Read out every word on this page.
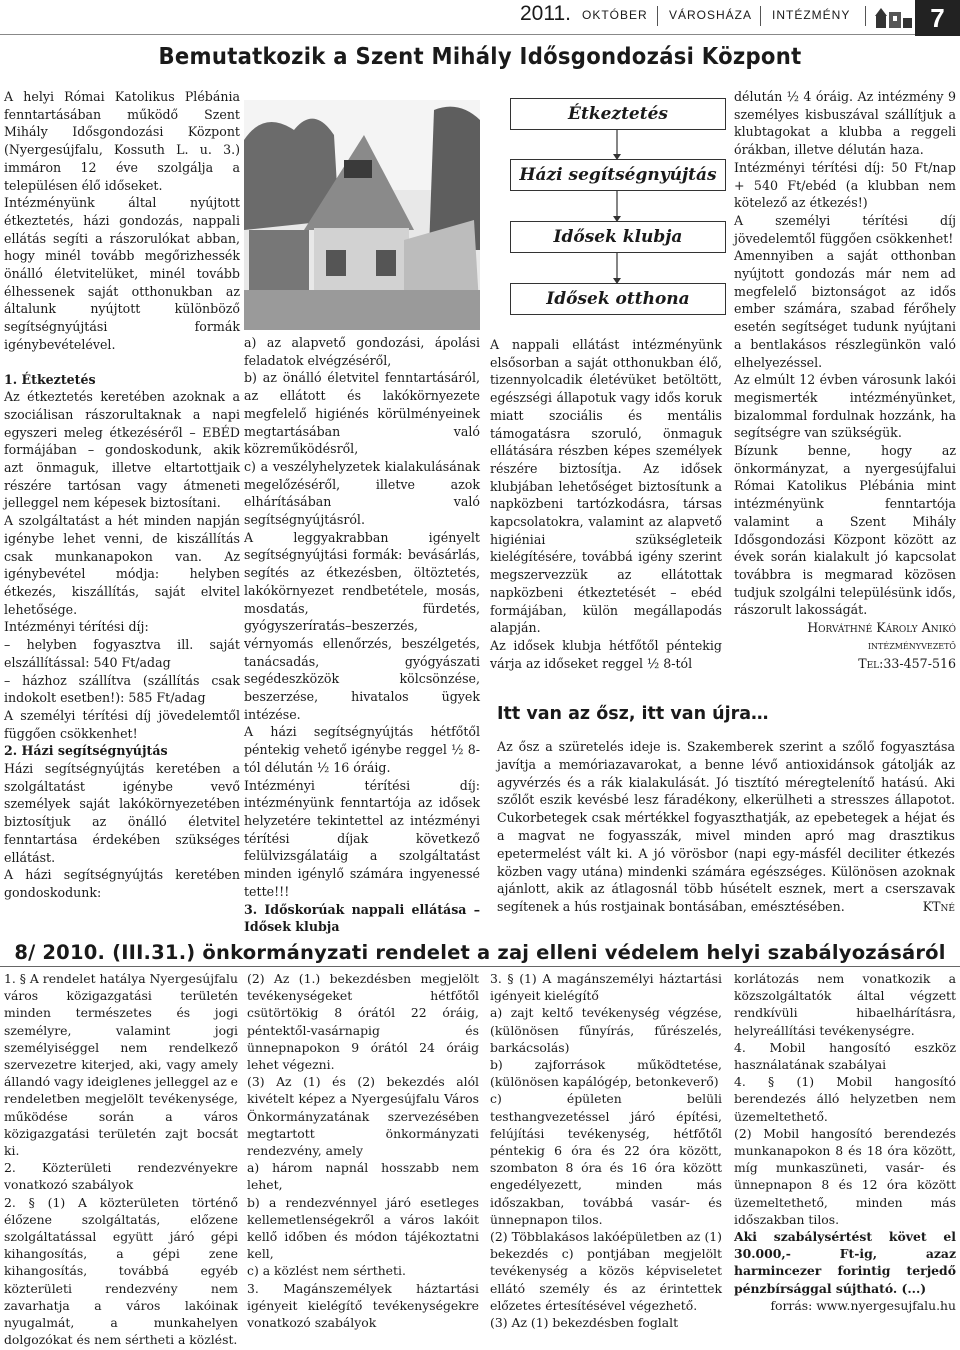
2011. OKTÓBER VÁROSHÁZA INTÉZMÉNY	7
Bemutatkozik a Szent Mihály Idősgondozási Központ

A helyi Római Katolikus Plébánia fenntartásában működő Szent Mihály Idősgondozási Központ (Nyergesújfalu, Kossuth L. u. 3.) immáron 12 éve szolgálja a településen élő időseket.

Intézményünk által nyújtott étkeztetés, házi gondozás, nappali ellátás segíti a rászorulókat abban, hogy minél tovább megőrizhessék önálló életvitelüket, minél tovább élhessenek saját otthonukban az általunk nyújtott különböző segítségnyújtási formák igénybevételével.

1. Étkeztetés

Az étkeztetés keretében azoknak a szociálisan rászorultaknak a napi egyszeri meleg étkezéséről – EBÉD formájában – gondoskodunk, akik azt önmaguk, illetve eltartottjaik részére tartósan vagy átmeneti jelleggel nem képesek biztosítani.

A szolgáltatást a hét minden napján igénybe lehet venni, de kiszállítás csak munkanapokon van. Az igénybevétel módja: helyben étkezés, kiszállítás, saját elvitel lehetősége.

Intézményi térítési díj:

– helyben fogyasztva ill. saját elszállítással: 540 Ft/adag

– házhoz szállítva (szállítás csak indokolt esetben!): 585 Ft/adag

A személyi térítési díj jövedelemtől függően csökkenhet!

2. Házi segítségnyújtás

Házi segítségnyújtás keretében a szolgáltatást igénybe vevő személyek saját lakókörnyezetében biztosítjuk az önálló életvitel fenntartása érdekében szükséges ellátást.

A házi segítségnyújtás keretében gondoskodunk:

Étkeztetés
Házi segítségnyújtás
Idősek klubja
Idősek otthona

a) az alapvető gondozási, ápolási feladatok elvégzéséről,

b) az önálló életvitel fenntartásáról, az ellátott és lakókörnyezete megfelelő higiénés körülményeinek megtartásában való közreműködésről,

c) a veszélyhelyzetek kialakulásának megelőzéséről, illetve azok elhárításában való segítségnyújtásról.

A leggyakrabban igényelt segítségnyújtási formák: bevásárlás, segítés az étkezésben, öltöztetés, lakókörnyezet rendbetétele, mosás, mosdatás, fürdetés, gyógyszeríratás–beszerzés, vérnyomás ellenőrzés, beszélgetés, tanácsadás, gyógyászati segédeszközök kölcsönzése, beszerzése, hivatalos ügyek intézése.

A házi segítségnyújtás hétfőtől péntekig vehető igénybe reggel ½ 8-tól délután ½ 16 óráig.

Intézményi térítési díj: intézményünk fenntartója az idősek helyzetére tekintettel az intézményi térítési díjak következő felülvizsgálatáig a szolgáltatást minden igénylő számára ingyenessé tette!!!

3. Időskorúak nappali ellátása – Idősek klubja

A nappali ellátást intézményünk elsősorban a saját otthonukban élő, tizennyolcadik életévüket betöltött, egészségi állapotuk vagy idős koruk miatt szociális és mentális támogatásra szoruló, önmaguk ellátására részben képes személyek részére biztosítja. Az idősek klubjában lehetőséget biztosítunk a napközbeni tartózkodásra, társas kapcsolatokra, valamint az alapvető higiéniai szükségleteik kielégítésére, továbbá igény szerint megszervezzük az ellátottak napközbeni étkeztetését – ebéd formájában, külön megállapodás alapján.

Az idősek klubja hétfőtől péntekig várja az időseket reggel ½ 8-tól

délután ½ 4 óráig. Az intézmény 9 személyes kisbuszával szállítjuk a klubtagokat a klubba a reggeli órákban, illetve délután haza.

Intézményi térítési díj: 50 Ft/nap + 540 Ft/ebéd (a klubban nem kötelező az étkezés!)

A személyi térítési díj jövedelemtől függően csökkenhet!

Amennyiben a saját otthonban nyújtott gondozás már nem ad megfelelő biztonságot az idős ember számára, szabad férőhely esetén segítséget tudunk nyújtani a bentlakásos részlegünkön való elhelyezéssel.

Az elmúlt 12 évben városunk lakói megismerték intézményünket, bizalommal fordulnak hozzánk, ha segítségre van szükségük.

Bízunk benne, hogy az önkormányzat, a nyergesújfalui Római Katolikus Plébánia mint intézményünk fenntartója valamint a Szent Mihály Idősgondozási Központ között az évek során kialakult jó kapcsolat továbbra is megmarad közösen tudjuk szolgálni településünk idős, rászorult lakosságát.

Horváthné Károly Anikó

intézményvezető

Tel:33-457-516

Itt van az ősz, itt van újra…
Az ősz a szüretelés ideje is. Szakemberek szerint a szőlő fogyasztása javítja a memóriazavarokat, a benne lévő antioxidánsok gátolják az agyvérzés és a rák kialakulását. Jó tisztító méregtelenítő hatású. Aki szőlőt eszik kevésbé lesz fáradékony, elkerülheti a stresszes állapotot. Cukorbetegek csak mértékkel fogyaszthatják, az epebetegek a héjat és a magvat ne fogyasszák, mivel minden apró mag drasztikus epetermelést vált ki. A jó vörösbor (napi egy-másfél deciliter étkezés közben vagy utána) mindenki számára egészséges. Különösen azoknak ajánlott, akik az átlagosnál több húsételt esznek, mert a cserszavak segítenek a hús rostjainak bontásában, emésztésében.	KTné
8/ 2010. (III.31.) önkormányzati rendelet a zaj elleni védelem helyi szabályozásáról

1. § A rendelet hatálya Nyergesújfalu város közigazgatási területén minden természetes és jogi személyre, valamint jogi személyiséggel nem rendelkező szervezetre kiterjed, aki, vagy amely állandó vagy ideiglenes jelleggel az e rendeletben megjelölt tevékenysége, működése során a város közigazgatási területén zajt bocsát ki.

2. Közterületi rendezvényekre vonatkozó szabályok

2. § (1) A közterületen történő élőzene szolgáltatás, előzene szolgáltatással együtt járó gépi kihangosítás, a gépi zene kihangosítás, továbbá egyéb közterületi rendezvény nem zavarhatja a város lakóinak nyugalmát, a munkahelyen dolgozókat és nem sértheti a közlést.

(2) Az (1.) bekezdésben megjelölt tevékenységeket hétfőtől csütörtökig 8 órától 22 óráig, péntektől-vasárnapig és ünnepnapokon 9 órától 24 óráig lehet végezni.

(3) Az (1) és (2) bekezdés alól kivételt képez a Nyergesújfalu Város Önkormányzatának szervezésében megtartott önkormányzati rendezvény, amely

a) három napnál hosszabb nem lehet,

b) a rendezvénnyel járó esetleges kellemetlenségekről a város lakóit kellő időben és módon tájékoztatni kell,

c) a közlést nem sértheti.

3. Magánszemélyek háztartási igényeit kielégítő tevékenységekre vonatkozó szabályok

3. § (1) A magánszemélyi háztartási igényeit kielégítő

a) zajt keltő tevékenység végzése, (különösen fűnyírás, fűrészelés, barkácsolás)

b) zajforrások működtetése, (különösen kapálógép, betonkeverő)

c) épületen belüli testhangvezetéssel járó építési, felújítási tevékenység, hétfőtől péntekig 6 óra és 22 óra között, szombaton 8 óra és 16 óra között engedélyezett, minden más időszakban, továbbá vasár- és ünnepnapon tilos.

(2) Többlakásos lakóépületben az (1) bekezdés c) pontjában megjelölt tevékenység a közös képviseletet ellátó személy és az érintettek előzetes értesítésével végezhető.

(3) Az (1) bekezdésben foglalt

korlátozás nem vonatkozik a közszolgáltatók által végzett rendkívüli hibaelhárításra, helyreállítási tevékenységre.

4. Mobil hangosító eszköz használatának szabályai

4. § (1) Mobil hangosító berendezés álló helyzetben nem üzemeltethető.

(2) Mobil hangosító berendezés munkanapokon 8 és 18 óra között, míg munkaszüneti, vasár- és ünnepnapon 8 és 12 óra között üzemeltethető, minden más időszakban tilos.

Aki szabálysértést követ el 30.000,- Ft-ig, azaz harmincezer forintig terjedő pénzbírsággal sújtható. (...)

forrás: www.nyergesujfalu.hu
